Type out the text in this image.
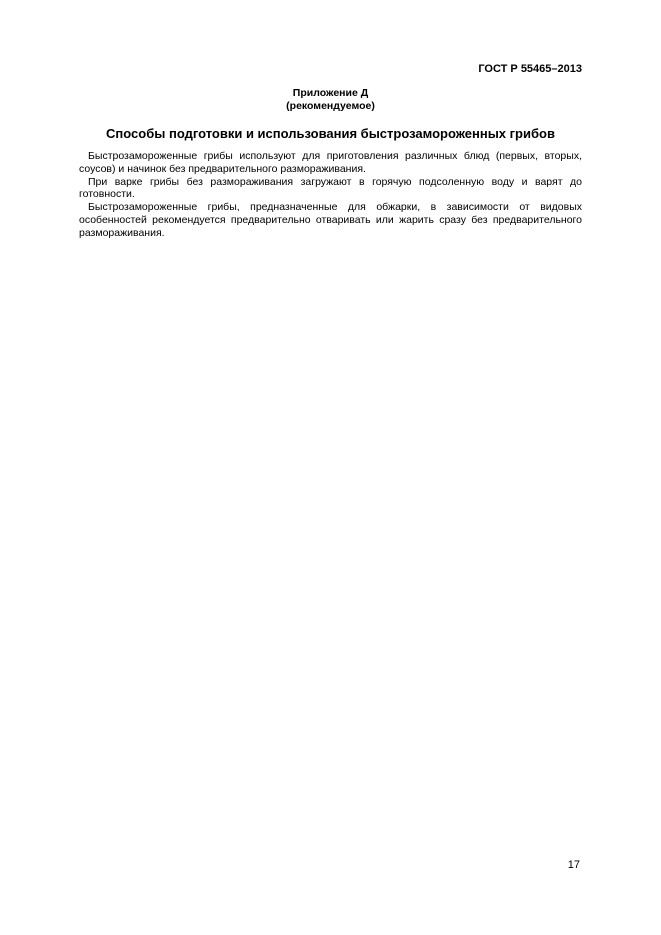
ГОСТ Р 55465–2013
Приложение Д
(рекомендуемое)
Способы подготовки и использования быстрозамороженных грибов

Быстрозамороженные грибы используют для приготовления различных блюд (первых, вторых, соусов) и начинок без предварительного размораживания.

При варке грибы без размораживания загружают в горячую подсоленную воду и варят до готовности.

Быстрозамороженные грибы, предназначенные для обжарки, в зависимости от видовых особенностей рекомендуется предварительно отваривать или жарить сразу без предварительного размораживания.

17
